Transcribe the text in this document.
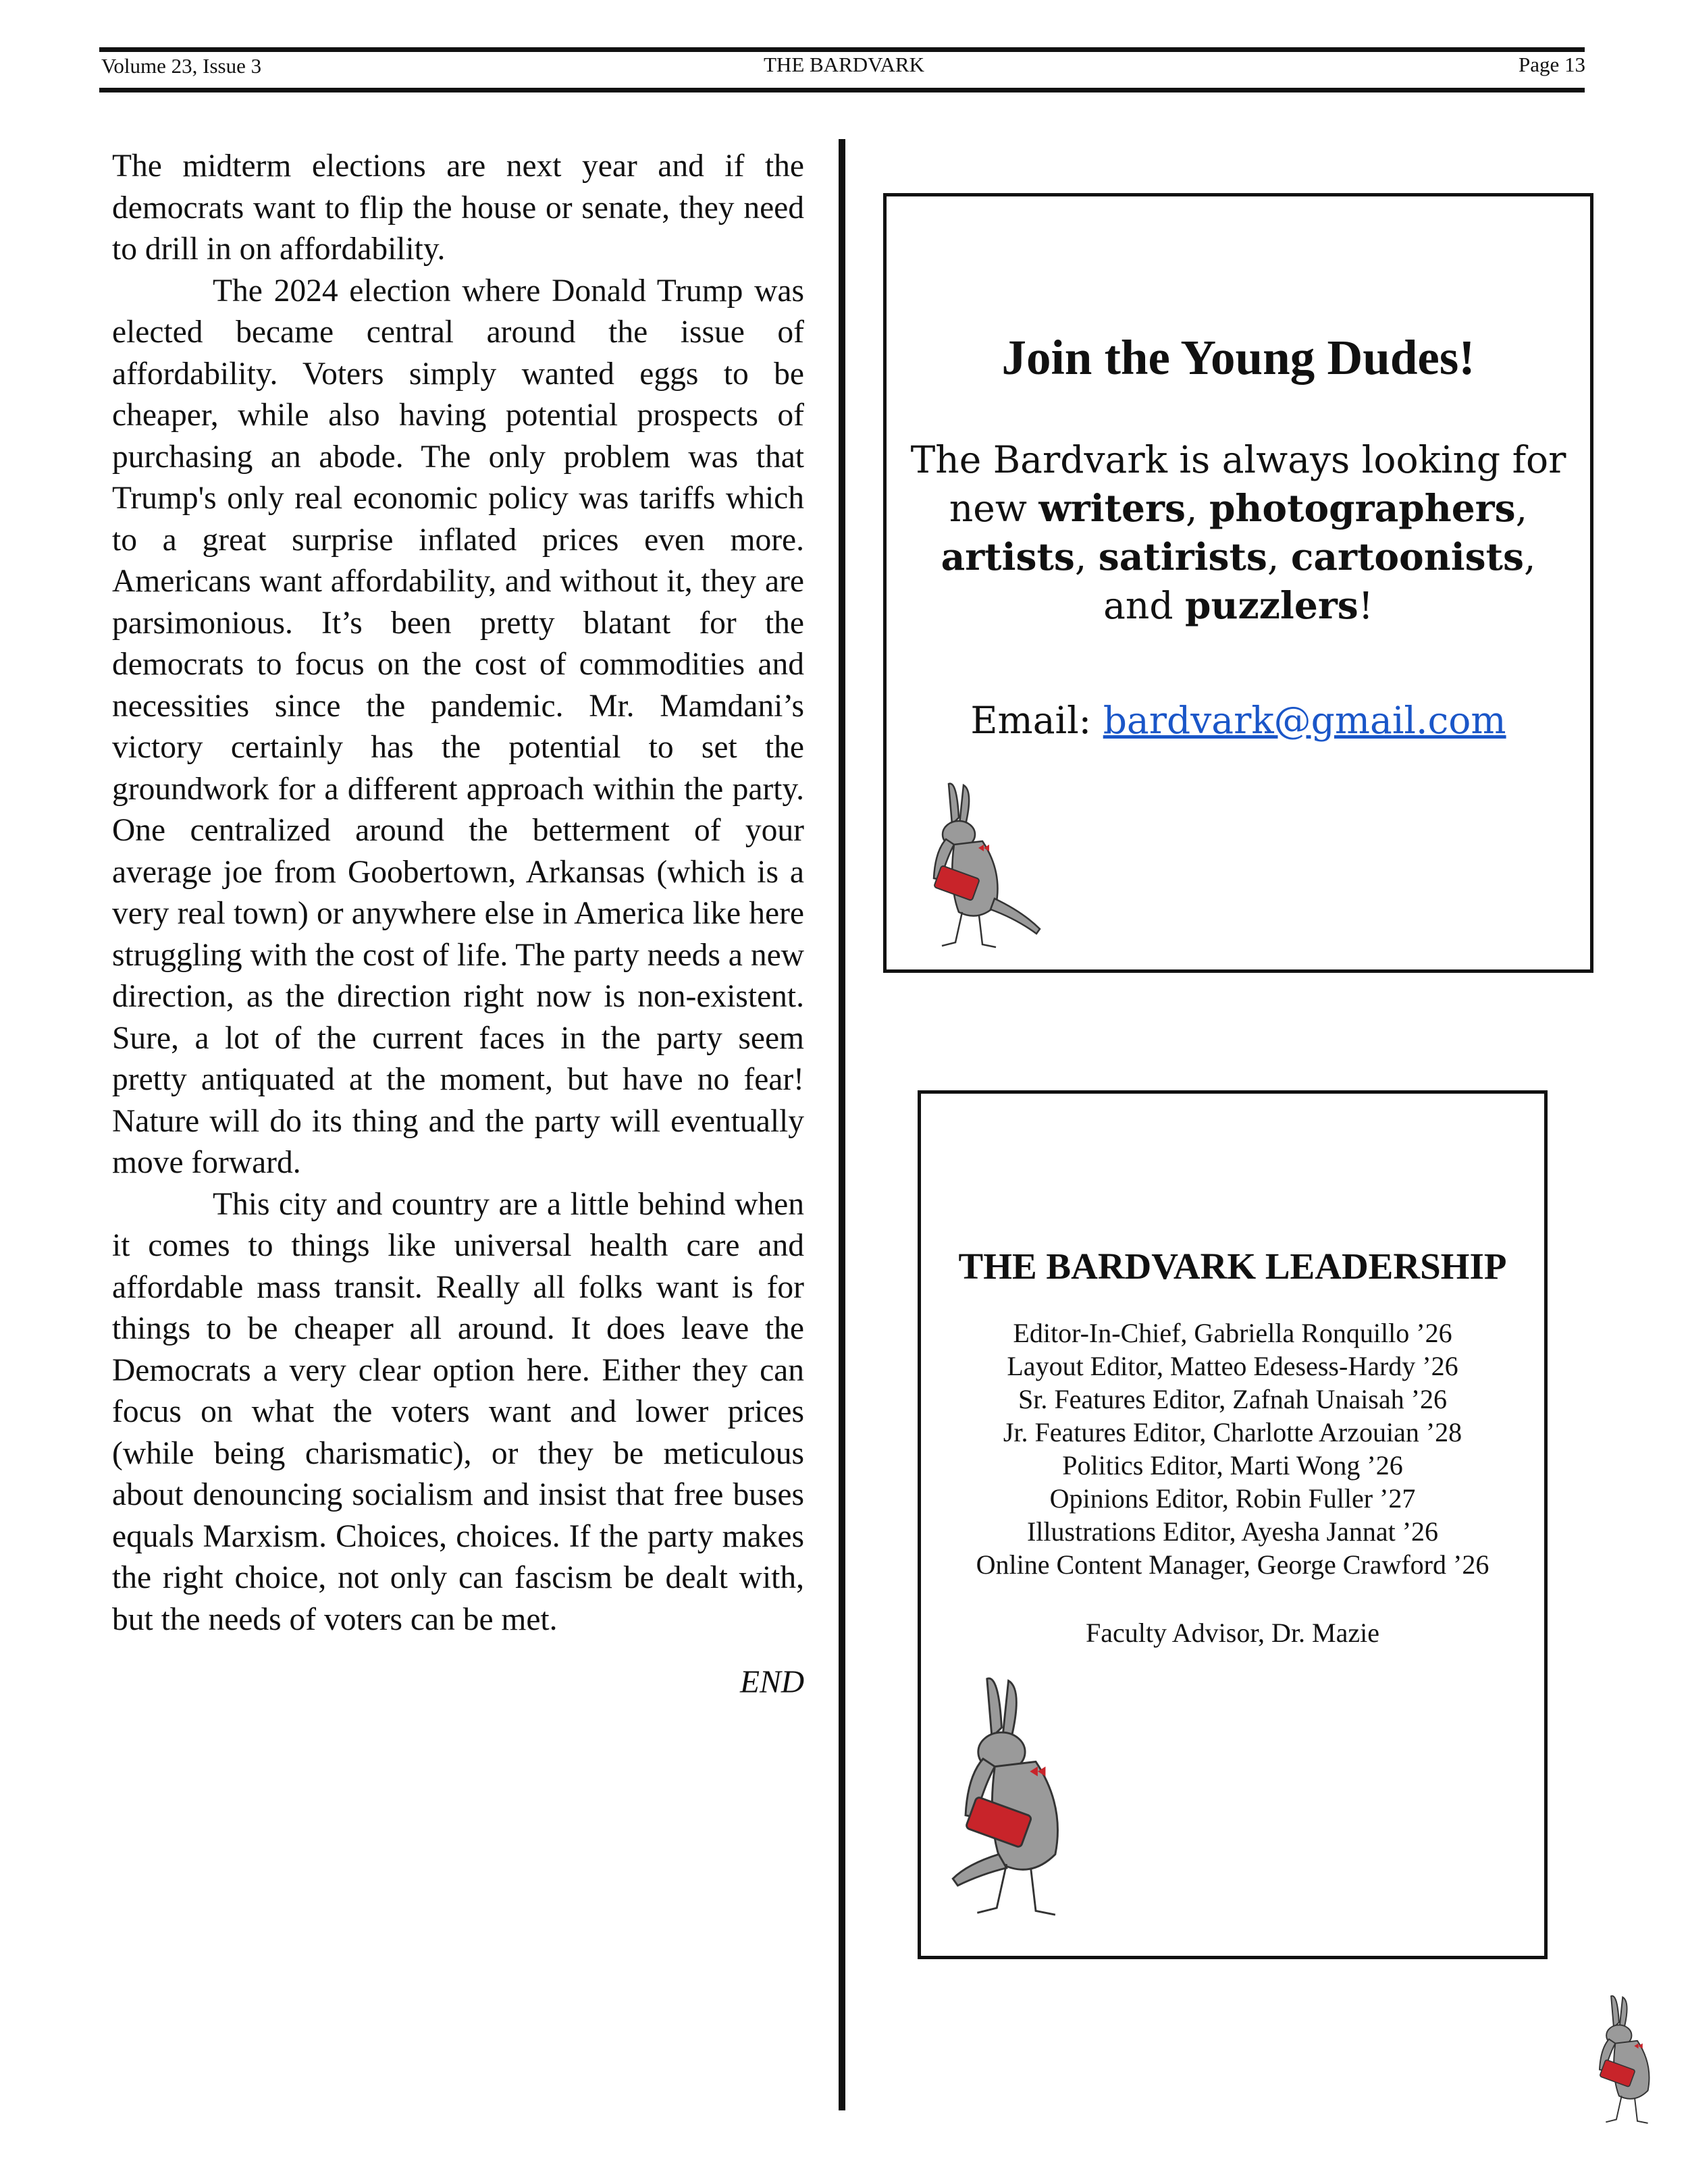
Volume 23, Issue 3	THE BARDVARK	Page 13

The midterm elections are next year and if the democrats want to flip the house or senate, they need to drill in on affordability.

The 2024 election where Donald Trump was elected became central around the issue of affordability. Voters simply wanted eggs to be cheaper, while also having potential prospects of purchasing an abode. The only problem was that Trump's only real economic policy was tariffs which to a great surprise inflated prices even more. Americans want affordability, and without it, they are parsimonious. It’s been pretty blatant for the democrats to focus on the cost of commodities and necessities since the pandemic. Mr. Mamdani’s victory certainly has the potential to set the groundwork for a different approach within the party. One centralized around the betterment of your average joe from Goobertown, Arkansas (which is a very real town) or anywhere else in America like here struggling with the cost of life. The party needs a new direction, as the direction right now is non-existent. Sure, a lot of the current faces in the party seem pretty antiquated at the moment, but have no fear! Nature will do its thing and the party will eventually move forward.

This city and country are a little behind when it comes to things like universal health care and affordable mass transit. Really all folks want is for things to be cheaper all around. It does leave the Democrats a very clear option here. Either they can focus on what the voters want and lower prices (while being charismatic), or they be meticulous about denouncing socialism and insist that free buses equals Marxism. Choices, choices. If the party makes the right choice, not only can fascism be dealt with, but the needs of voters can be met.

END

Join the Young Dudes!
The Bardvark is always looking for
new writers, photographers,
artists, satirists, cartoonists,
and puzzlers!
Email: bardvark@gmail.com
THE BARDVARK LEADERSHIP
Editor-In-Chief, Gabriella Ronquillo ’26
Layout Editor, Matteo Edesess-Hardy ’26
Sr. Features Editor, Zafnah Unaisah ’26
Jr. Features Editor, Charlotte Arzouian ’28
Politics Editor, Marti Wong ’26
Opinions Editor, Robin Fuller ’27
Illustrations Editor, Ayesha Jannat ’26
Online Content Manager, George Crawford ’26
Faculty Advisor, Dr. Mazie
